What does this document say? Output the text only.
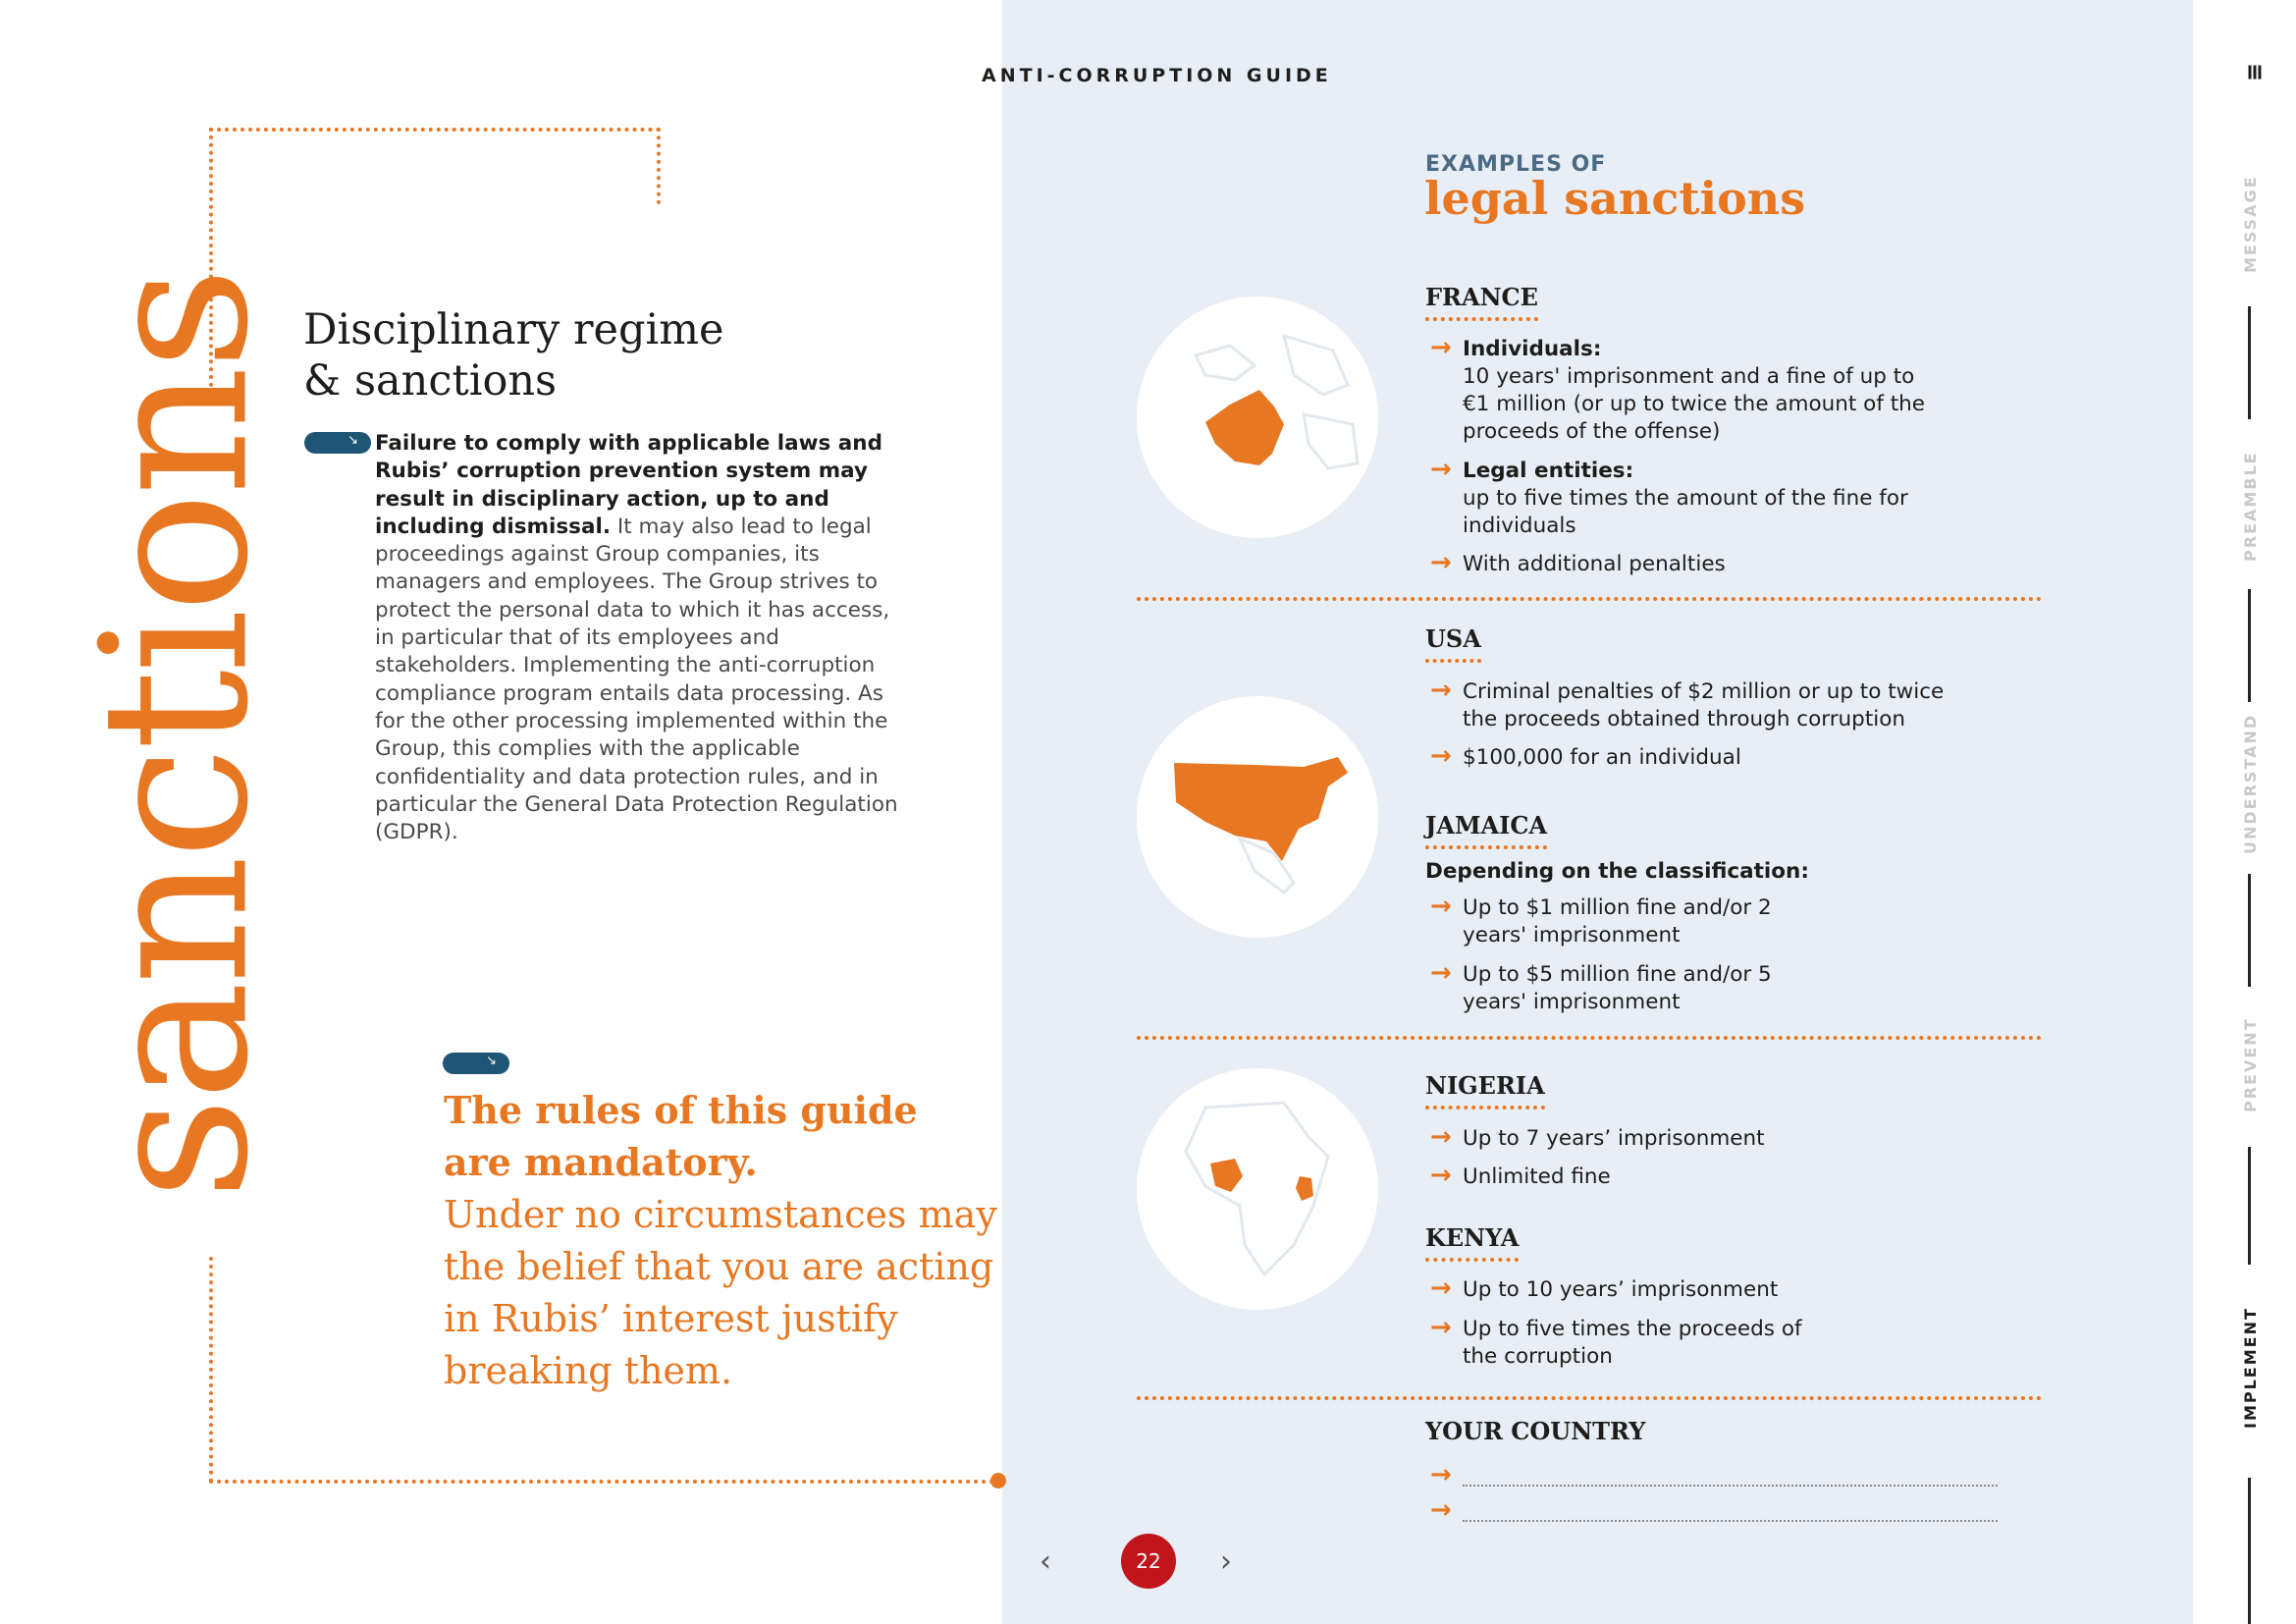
ANTI-CORRUPTION GUIDE
sanctions Disciplinary regime
& sanctions
↘ Failure to comply with applicable laws and Rubis’ corruption prevention system may result in disciplinary action, up to and including dismissal. It may also lead to legal proceedings against Group companies, its managers and employees. The Group strives to protect the personal data to which it has access, in particular that of its employees and stakeholders. Implementing the anti-corruption compliance program entails data processing. As for the other processing implemented within the Group, this complies with the applicable confidentiality and data protection rules, and in particular the General Data Protection Regulation (GDPR).
↘
The rules of this guide are mandatory.
Under no circumstances may the belief that you are acting in Rubis’ interest justify breaking them.
EXAMPLES OF
legal sanctions
FRANCE
→ Individuals:
10 years' imprisonment and a fine of up to €1 million (or up to twice the amount of the proceeds of the offense)
→ Legal entities:
up to five times the amount of the fine for individuals
→ With additional penalties
USA
→ Criminal penalties of $2 million or up to twice the proceeds obtained through corruption
→ $100,000 for an individual
JAMAICA
Depending on the classification:
→ Up to $1 million fine and/or 2 years' imprisonment
→ Up to $5 million fine and/or 5 years' imprisonment
NIGERIA
→ Up to 7 years’ imprisonment
→ Unlimited fine
KENYA
→ Up to 10 years’ imprisonment
→ Up to five times the proceeds of the corruption
YOUR COUNTRY
→
→
‹	22	›
MESSAGE
PREAMBLE
UNDERSTAND
PREVENT
IMPLEMENT
